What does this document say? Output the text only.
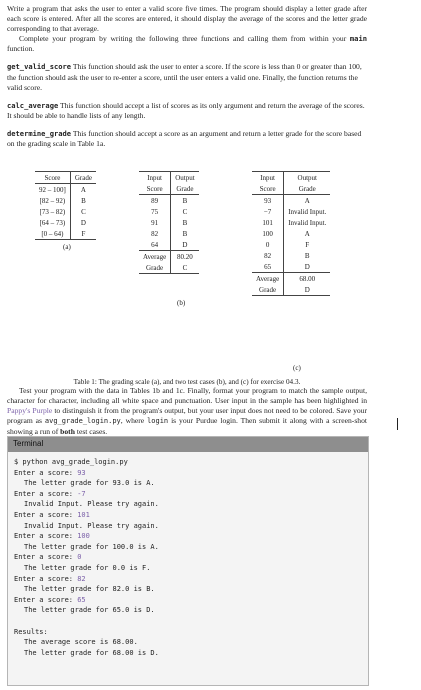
Write a program that asks the user to enter a valid score five times. The program should display a letter grade after each score is entered. After all the scores are entered, it should display the average of the scores and the letter grade corresponding to that average.

Complete your program by writing the following three functions and calling them from within your main function.

get_valid_score This function should ask the user to enter a score. If the score is less than 0 or greater than 100, the function should ask the user to re-enter a score, until the user enters a valid one. Finally, the function returns the valid score.
calc_average This function should accept a list of scores as its only argument and return the average of the scores. It should be able to handle lists of any length.
determine_grade This function should accept a score as an argument and return a letter grade for the score based on the grading scale in Table 1a.
Score	Grade
92 – 100]	A
[82 – 92)	B
[73 – 82)	C
[64 – 73)	D
[0 – 64)	F
(a)
Input	Output
Score	Grade
89	B
75	C
91	B
82	B
64	D
Average	80.20
Grade	C
(b)
Input	Output
Score	Grade
93	A
−7	Invalid Input.
101	Invalid Input.
100	A
0	F
82	B
65	D
Average	68.00
Grade	D
(c)
Table 1: The grading scale (a), and two test cases (b), and (c) for exercise 04.3.

Test your program with the data in Tables 1b and 1c. Finally, format your program to match the sample output, character for character, including all white space and punctuation. User input in the sample has been highlighted in Pappy's Purple to distinguish it from the program's output, but your user input does not need to be colored. Save your program as avg_grade_login.py, where login is your Purdue login. Then submit it along with a screen-shot showing a run of both test cases.

Terminal
$ python avg_grade_login.py
Enter a score: 93
The letter grade for 93.0 is A.
Enter a score: -7
Invalid Input. Please try again.
Enter a score: 101
Invalid Input. Please try again.
Enter a score: 100
The letter grade for 100.0 is A.
Enter a score: 0
The letter grade for 0.0 is F.
Enter a score: 82
The letter grade for 82.0 is B.
Enter a score: 65
The letter grade for 65.0 is D.

Results:
The average score is 68.00.
The letter grade for 68.00 is D.
